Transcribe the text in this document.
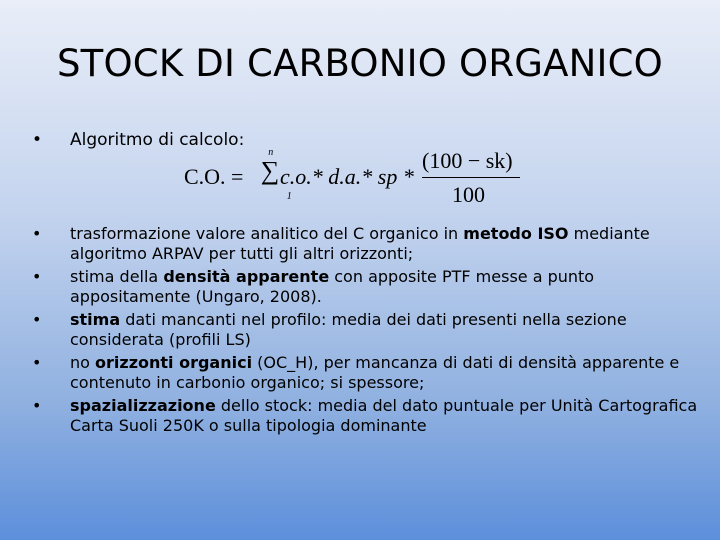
STOCK DI CARBONIO ORGANICO
•	Algoritmo di calcolo:
C.O. =
n
∑
1
c.o.* d.a.* sp *
(100 − sk)
100
•	trasformazione valore analitico del C organico in metodo ISO mediante algoritmo ARPAV per tutti gli altri orizzonti;
•	stima della densità apparente con apposite PTF messe a punto appositamente (Ungaro, 2008).
•	stima dati mancanti nel profilo: media dei dati presenti nella sezione considerata (profili LS)
•	no orizzonti organici (OC_H), per mancanza di dati di densità apparente e contenuto in carbonio organico; si spessore;
•	spazializzazione dello stock: media del dato puntuale per Unità Cartografica Carta Suoli 250K o sulla tipologia dominante
